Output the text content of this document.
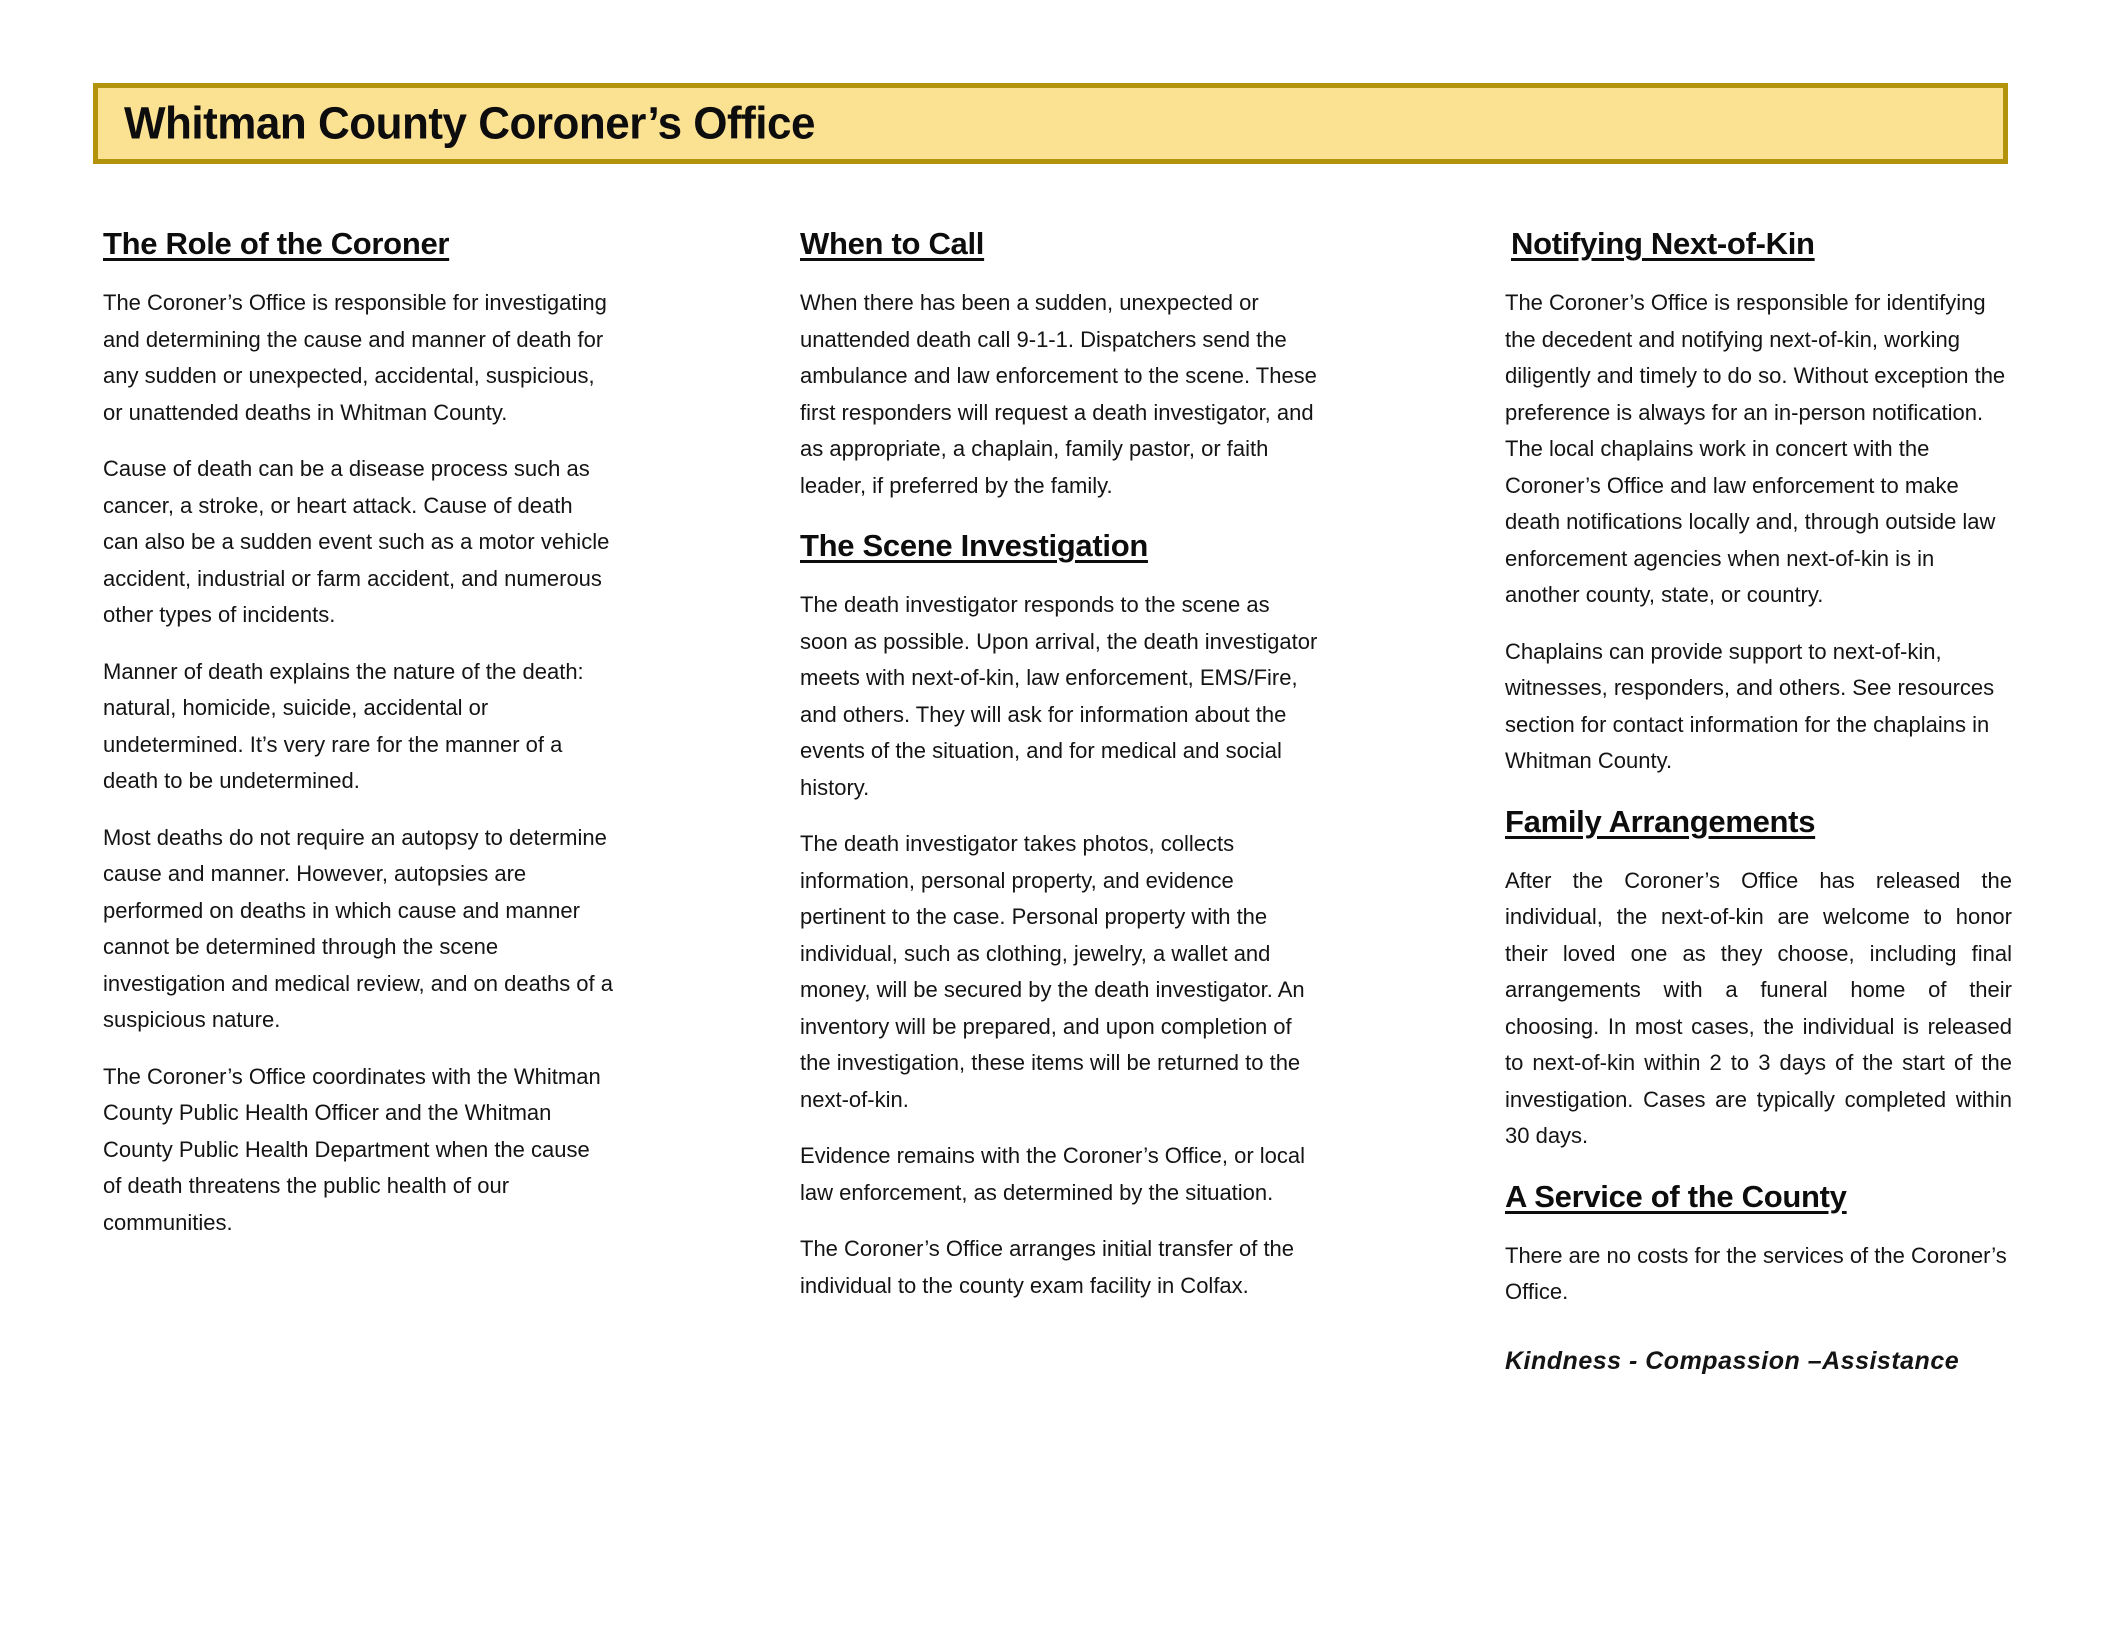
Whitman County Coroner’s Office
The Role of the Coroner

The Coroner’s Office is responsible for investigating and determining the cause and manner of death for any sudden or unexpected, accidental, suspicious, or unattended deaths in Whitman County.

Cause of death can be a disease process such as cancer, a stroke, or heart attack. Cause of death can also be a sudden event such as a motor vehicle accident, industrial or farm accident, and numerous other types of incidents.

Manner of death explains the nature of the death: natural, homicide, suicide, accidental or undetermined. It’s very rare for the manner of a death to be undetermined.

Most deaths do not require an autopsy to determine cause and manner. However, autopsies are performed on deaths in which cause and manner cannot be determined through the scene investigation and medical review, and on deaths of a suspicious nature.

The Coroner’s Office coordinates with the Whitman County Public Health Officer and the Whitman County Public Health Department when the cause of death threatens the public health of our communities.

When to Call

When there has been a sudden, unexpected or unattended death call 9-1-1. Dispatchers send the ambulance and law enforcement to the scene. These first responders will request a death investigator, and as appropriate, a chaplain, family pastor, or faith leader, if preferred by the family.

The Scene Investigation

The death investigator responds to the scene as soon as possible. Upon arrival, the death investigator meets with next-of-kin, law enforcement, EMS/Fire, and others. They will ask for information about the events of the situation, and for medical and social history.

The death investigator takes photos, collects information, personal property, and evidence pertinent to the case. Personal property with the individual, such as clothing, jewelry, a wallet and money, will be secured by the death investigator. An inventory will be prepared, and upon completion of the investigation, these items will be returned to the next-of-kin.

Evidence remains with the Coroner’s Office, or local law enforcement, as determined by the situation.

The Coroner’s Office arranges initial transfer of the individual to the county exam facility in Colfax.

Notifying Next-of-Kin

The Coroner’s Office is responsible for identifying the decedent and notifying next-of-kin, working diligently and timely to do so. Without exception the preference is always for an in-person notification. The local chaplains work in concert with the Coroner’s Office and law enforcement to make death notifications locally and, through outside law enforcement agencies when next-of-kin is in another county, state, or country.

Chaplains can provide support to next-of-kin, witnesses, responders, and others. See resources section for contact information for the chaplains in Whitman County.

Family Arrangements

After the Coroner’s Office has released the individual, the next-of-kin are welcome to honor their loved one as they choose, including final arrangements with a funeral home of their choosing. In most cases, the individual is released to next-of-kin within 2 to 3 days of the start of the investigation. Cases are typically completed within 30 days.

A Service of the County

There are no costs for the services of the Coroner’s Office.

Kindness - Compassion –Assistance
